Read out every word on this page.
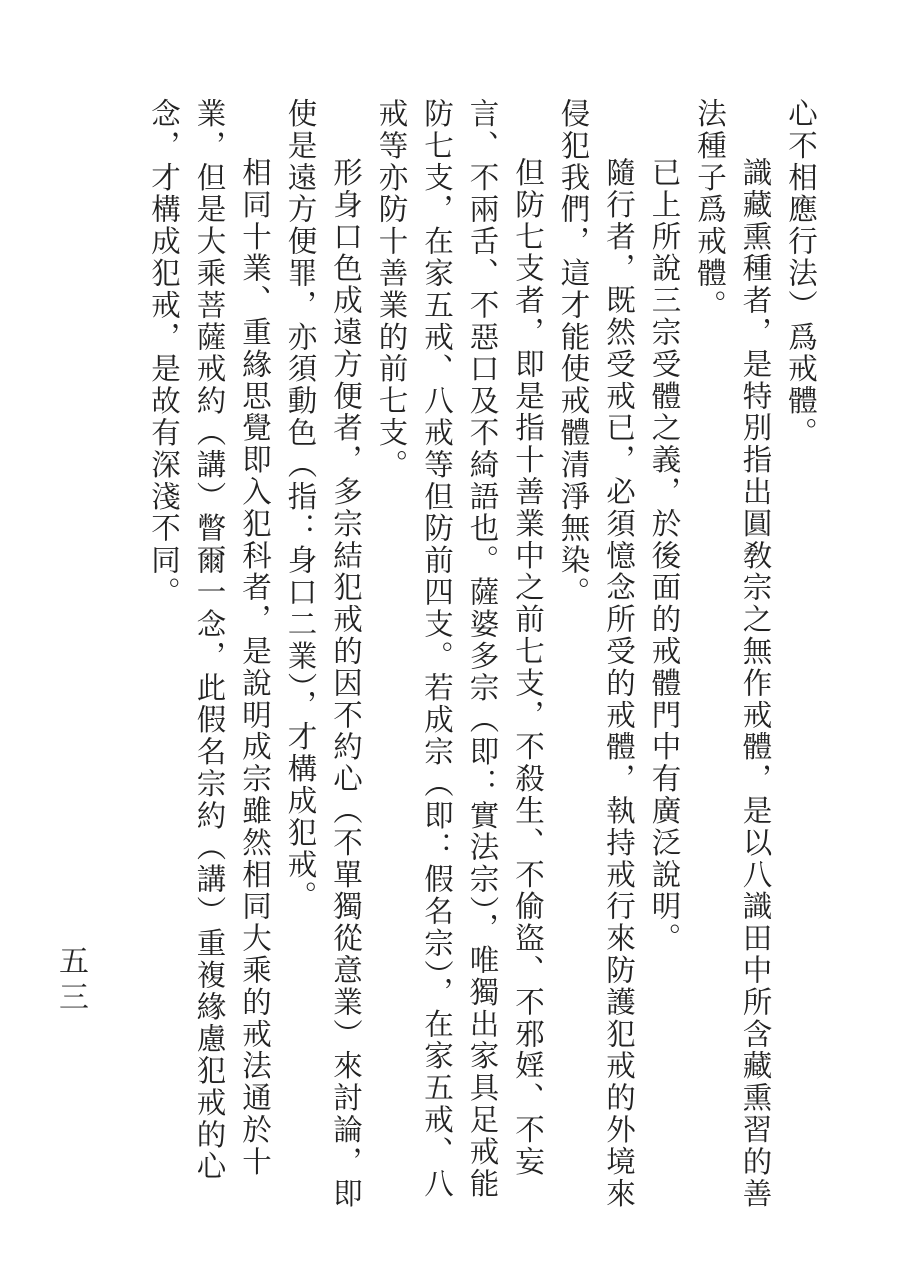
心不相應行法）爲戒體。

識藏熏種者，是特別指出圓敎宗之無作戒體，是以八識田中所含藏熏習的善法種子爲戒體。

已上所說三宗受體之義，於後面的戒體門中有廣泛說明。

隨行者，既然受戒已，必須憶念所受的戒體，執持戒行來防護犯戒的外境來侵犯我們，這才能使戒體清淨無染。

但防七支者，即是指十善業中之前七支，不殺生、不偷盜、不邪婬、不妄言、不兩舌、不惡口及不綺語也。薩婆多宗（即：實法宗），唯獨出家具足戒能防七支，在家五戒、八戒等但防前四支。若成宗（即：假名宗），在家五戒、八戒等亦防十善業的前七支。

形身口色成遠方便者，多宗結犯戒的因不約心（不單獨從意業）來討論，即使是遠方便罪，亦須動色（指：身口二業），才構成犯戒。

相同十業、重緣思覺即入犯科者，是說明成宗雖然相同大乘的戒法通於十業，但是大乘菩薩戒約（講）瞥爾一念，此假名宗約（講）重複緣慮犯戒的心念，才構成犯戒，是故有深淺不同。

五三
